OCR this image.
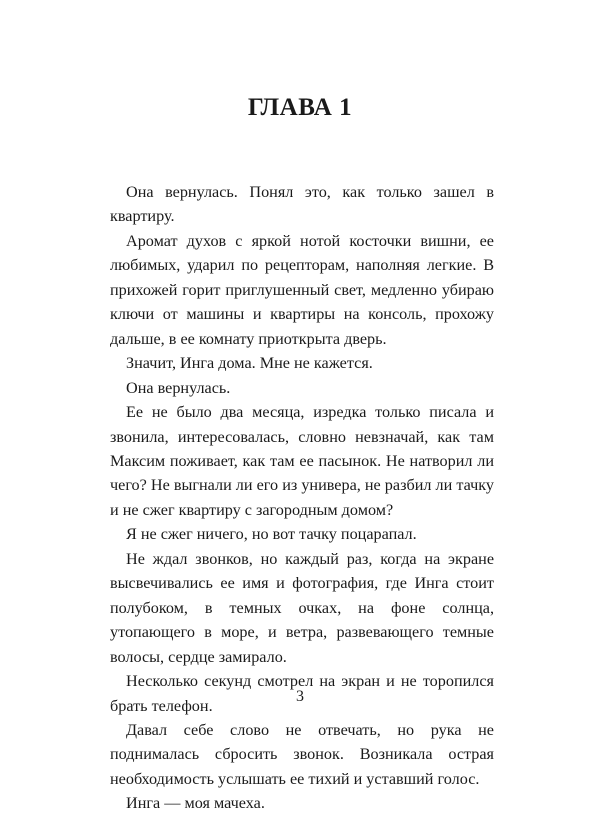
ГЛАВА 1

Она вернулась. Понял это, как только зашел в квартиру.

Аромат духов с яркой нотой косточки вишни, ее любимых, ударил по рецепторам, наполняя легкие. В прихожей горит приглушенный свет, медленно убираю ключи от машины и квартиры на консоль, прохожу дальше, в ее комнату приоткрыта дверь.

Значит, Инга дома. Мне не кажется.

Она вернулась.

Ее не было два месяца, изредка только писала и звонила, интересовалась, словно невзначай, как там Максим поживает, как там ее пасынок. Не натворил ли чего? Не выгнали ли его из универа, не разбил ли тачку и не сжег квартиру с загородным домом?

Я не сжег ничего, но вот тачку поцарапал.

Не ждал звонков, но каждый раз, когда на экране высвечивались ее имя и фотография, где Инга стоит полубоком, в темных очках, на фоне солнца, утопающего в море, и ветра, развевающего темные волосы, сердце замирало.

Несколько секунд смотрел на экран и не торопился брать телефон.

Давал себе слово не отвечать, но рука не поднималась сбросить звонок. Возникала острая необходимость услышать ее тихий и уставший голос.

Инга — моя мачеха.

3
